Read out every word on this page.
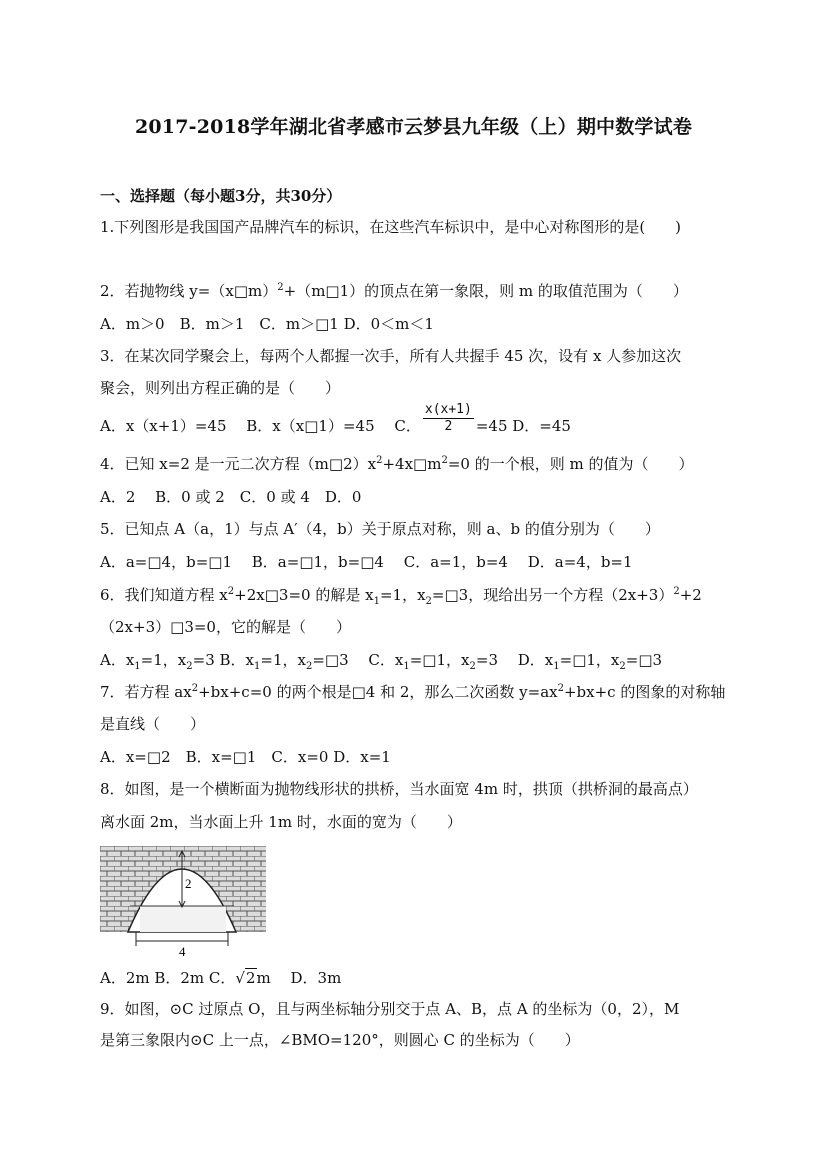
2017-2018学年湖北省孝感市云梦县九年级（上）期中数学试卷
一、选择题（每小题3分，共30分）
1.下列图形是我国国产品牌汽车的标识，在这些汽车标识中，是中心对称图形的是(　　)
2．若抛物线 y=（x□m）$^2$+（m□1）的顶点在第一象限，则 m 的取值范围为（　　）
A．m＞0　B．m＞1　C．m＞□1 D．0＜m＜1
3．在某次同学聚会上，每两个人都握一次手，所有人共握手 45 次，设有 x 人参加这次
聚会，则列出方程正确的是（　　）
A．x（x+1）=45　 B．x（x□1）=45　 C． $\frac{x(x+1)}{2} =45$ D．=45
4．已知 x=2 是一元二次方程$(m□2)x^2+4x□m^2=0$ 的一个根，则 m 的值为（　　）
A．2　 B．0 或 2　C．0 或 4　D．0
5．已知点 A（a，1）与点 A′（4，b）关于原点对称，则 a、b 的值分别为（　　）
A．a=□4，b=□1　 B．a=□1，b=□4　 C．a=1，b=4　 D．a=4，b=1
6．我们知道方程 $x^2+2x□3=0$ 的解是 $x_1=1$，$x_2=□3$，现给出另一个方程$(2x+3)^2+2$
（2x+3）□3=0，它的解是（　　）
A．$x_1=1$，$x_2=3$ B．$x_1=1$，$x_2=□3$　 C．$x_1=□1$，$x_2=3$　 D．$x_1=□1$，$x_2=□3$
7．若方程 $ax^2+bx+c=0$ 的两个根是□4 和 2，那么二次函数 $y=ax^2+bx+c$ 的图象的对称轴
是直线（　　）
A．x=□2　B．x=□1　C．x=0 D．x=1
8．如图，是一个横断面为抛物线形状的拱桥，当水面宽 4m 时，拱顶（拱桥洞的最高点）
离水面 2m，当水面上升 1m 时，水面的宽为（　　）
2
4
A．2m B．2m C．√2m　 D．3m
9．如图，⊙C 过原点 O，且与两坐标轴分别交于点 A、B，点 A 的坐标为（0，2），M
是第三象限内⊙C 上一点，∠BMO=120°，则圆心 C 的坐标为（　　）
